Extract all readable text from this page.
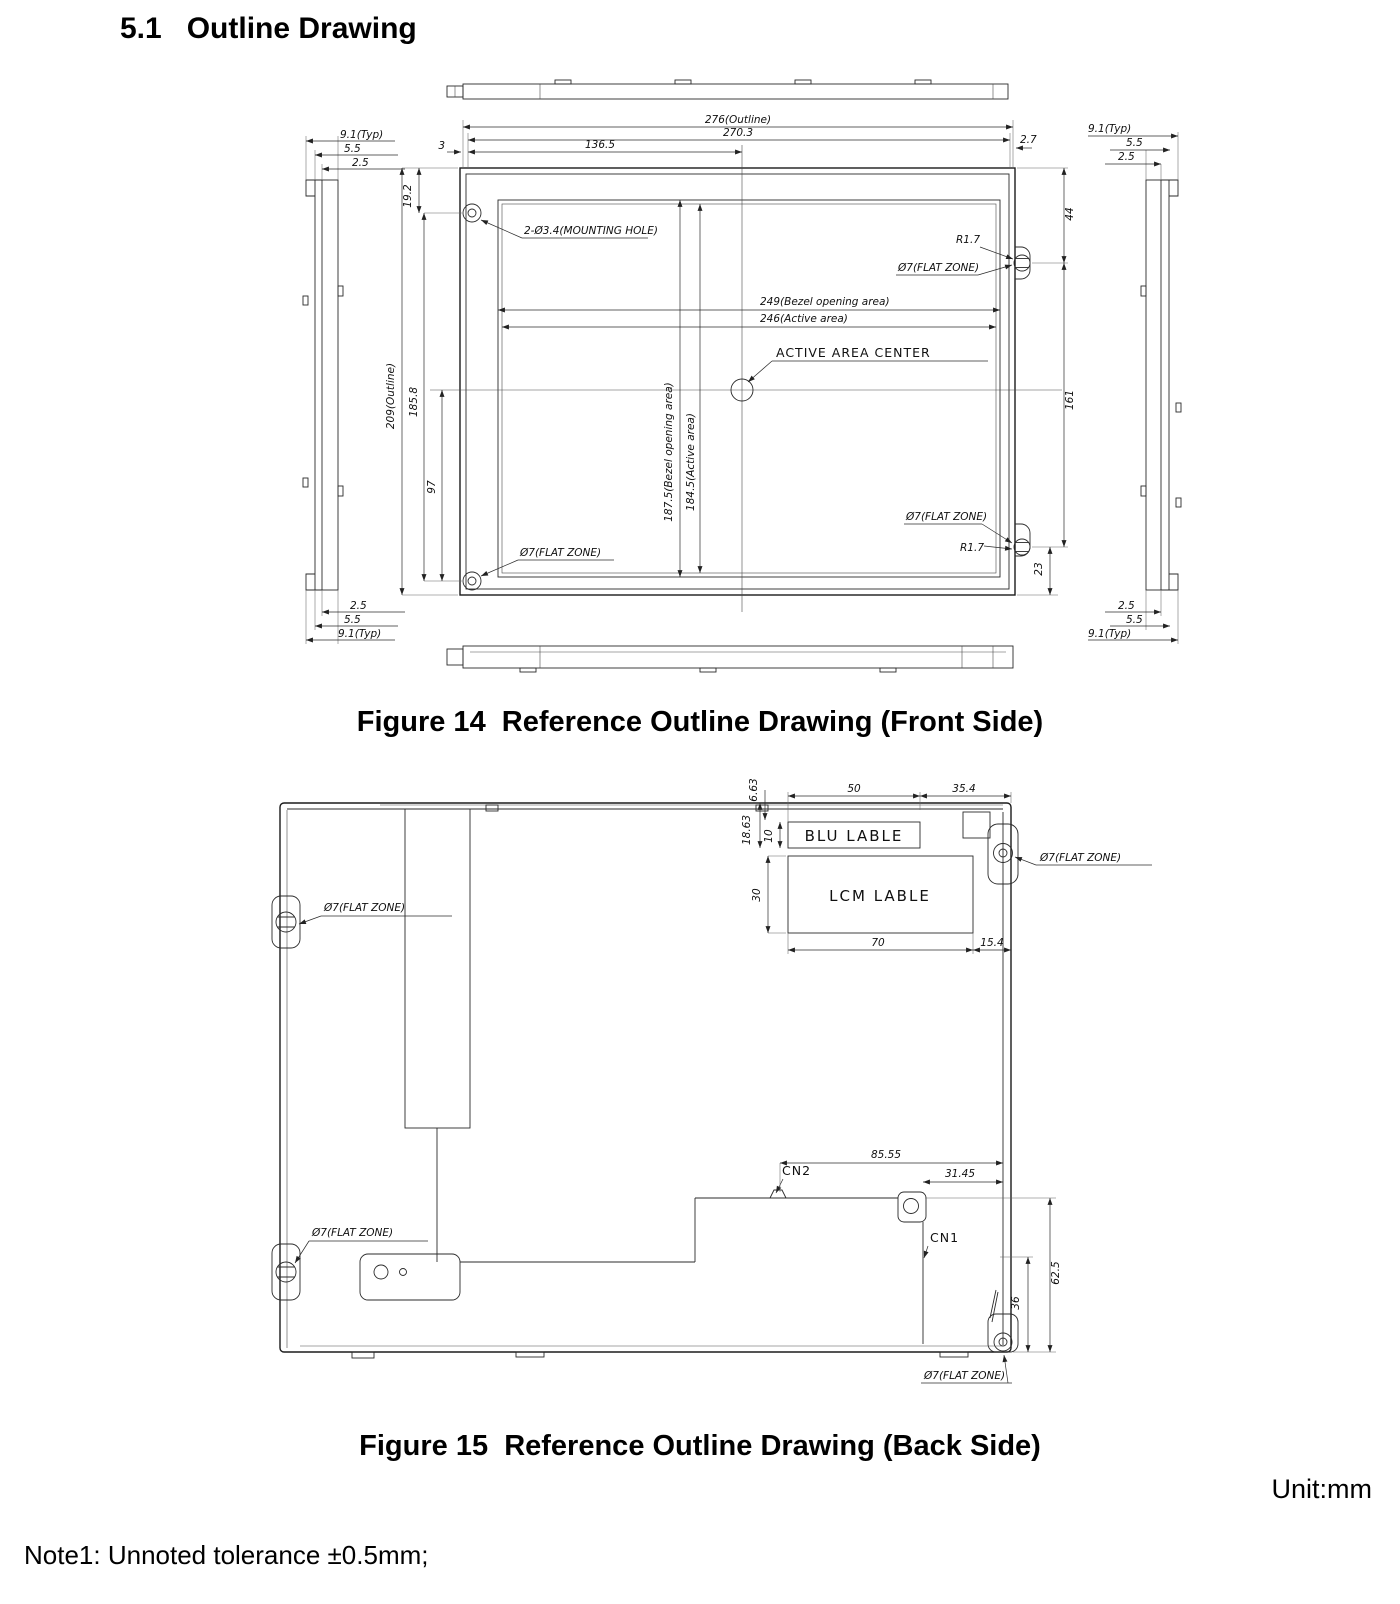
5.1   Outline Drawing
276(Outline)
270.3
136.5
3	2.7
19.2
209(Outline) 185.8
97
249(Bezel opening area)
246(Active area)
187.5(Bezel opening area) 184.5(Active area)
44
161
23
2-Ø3.4(MOUNTING HOLE)
ACTIVE AREA CENTER
R1.7
Ø7(FLAT ZONE)
Ø7(FLAT ZONE)
R1.7
Ø7(FLAT ZONE)
9.1(Typ)
5.5
2.5
2.5
5.5
9.1(Typ)
9.1(Typ)
5.5
2.5
2.5
5.5
9.1(Typ)
BLU LABLE
LCM LABLE
50	35.4
6.63
18.63 10
30
70	15.4
Ø7(FLAT ZONE)
Ø7(FLAT ZONE)
Ø7(FLAT ZONE)
Ø7(FLAT ZONE)
CN2
CN1
85.55
31.45
62.5
36
Figure 14  Reference Outline Drawing (Front Side)
Figure 15  Reference Outline Drawing (Back Side)
Unit:mm
Note1: Unnoted tolerance ±0.5mm;
